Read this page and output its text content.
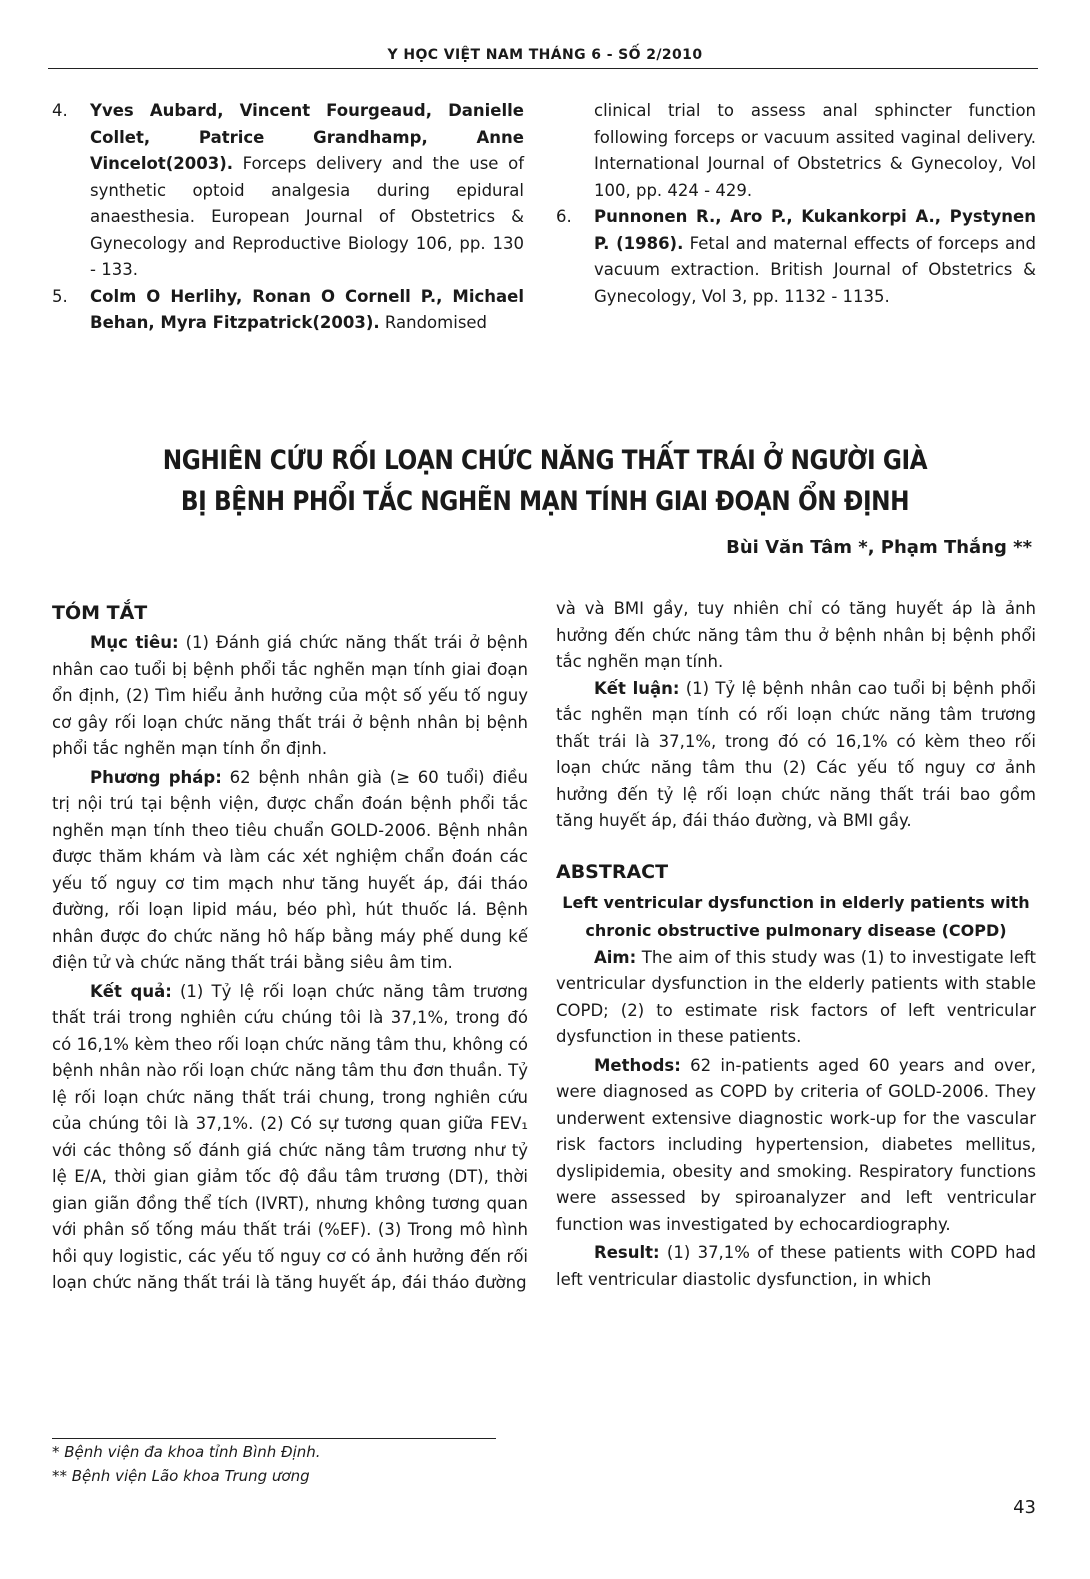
Y HỌC VIỆT NAM THÁNG 6 - SỐ 2/2010
4.	Yves Aubard, Vincent Fourgeaud, Danielle Collet, Patrice Grandhamp, Anne Vincelot(2003). Forceps delivery and the use of synthetic optoid analgesia during epidural anaesthesia. European Journal of Obstetrics & Gynecology and Reproductive Biology 106, pp. 130 - 133.
5.	Colm O Herlihy, Ronan O Cornell P., Michael Behan, Myra Fitzpatrick(2003). Randomised
clinical trial to assess anal sphincter function following forceps or vacuum assited vaginal delivery. International Journal of Obstetrics & Gynecoloy, Vol 100, pp. 424 - 429.
6.	Punnonen R., Aro P., Kukankorpi A., Pystynen P. (1986). Fetal and maternal effects of forceps and vacuum extraction. British Journal of Obstetrics & Gynecology, Vol 3, pp. 1132 - 1135.
NGHIÊN CỨU RỐI LOẠN CHỨC NĂNG THẤT TRÁI Ở NGƯỜI GIÀ
BỊ BỆNH PHỔI TẮC NGHẼN MẠN TÍNH GIAI ĐOẠN ỔN ĐỊNH
Bùi Văn Tâm *, Phạm Thắng **
TÓM TẮT

Mục tiêu: (1) Đánh giá chức năng thất trái ở bệnh nhân cao tuổi bị bệnh phổi tắc nghẽn mạn tính giai đoạn ổn định, (2) Tìm hiểu ảnh hưởng của một số yếu tố nguy cơ gây rối loạn chức năng thất trái ở bệnh nhân bị bệnh phổi tắc nghẽn mạn tính ổn định.

Phương pháp: 62 bệnh nhân già (≥ 60 tuổi) điều trị nội trú tại bệnh viện, được chẩn đoán bệnh phổi tắc nghẽn mạn tính theo tiêu chuẩn GOLD-2006. Bệnh nhân được thăm khám và làm các xét nghiệm chẩn đoán các yếu tố nguy cơ tim mạch như tăng huyết áp, đái tháo đường, rối loạn lipid máu, béo phì, hút thuốc lá. Bệnh nhân được đo chức năng hô hấp bằng máy phế dung kế điện tử và chức năng thất trái bằng siêu âm tim.

Kết quả: (1) Tỷ lệ rối loạn chức năng tâm trương thất trái trong nghiên cứu chúng tôi là 37,1%, trong đó có 16,1% kèm theo rối loạn chức năng tâm thu, không có bệnh nhân nào rối loạn chức năng tâm thu đơn thuần. Tỷ lệ rối loạn chức năng thất trái chung, trong nghiên cứu của chúng tôi là 37,1%. (2) Có sự tương quan giữa FEV₁ với các thông số đánh giá chức năng tâm trương như tỷ lệ E/A, thời gian giảm tốc độ đầu tâm trương (DT), thời gian giãn đồng thể tích (IVRT), nhưng không tương quan với phân số tống máu thất trái (%EF). (3) Trong mô hình hồi quy logistic, các yếu tố nguy cơ có ảnh hưởng đến rối loạn chức năng thất trái là tăng huyết áp, đái tháo đường

và và BMI gầy, tuy nhiên chỉ có tăng huyết áp là ảnh hưởng đến chức năng tâm thu ở bệnh nhân bị bệnh phổi tắc nghẽn mạn tính.

Kết luận: (1) Tỷ lệ bệnh nhân cao tuổi bị bệnh phổi tắc nghẽn mạn tính có rối loạn chức năng tâm trương thất trái là 37,1%, trong đó có 16,1% có kèm theo rối loạn chức năng tâm thu (2) Các yếu tố nguy cơ ảnh hưởng đến tỷ lệ rối loạn chức năng thất trái bao gồm tăng huyết áp, đái tháo đường, và BMI gầy.

ABSTRACT
Left ventricular dysfunction in elderly patients with chronic obstructive pulmonary disease (COPD)

Aim: The aim of this study was (1) to investigate left ventricular dysfunction in the elderly patients with stable COPD; (2) to estimate risk factors of left ventricular dysfunction in these patients.

Methods: 62 in-patients aged 60 years and over, were diagnosed as COPD by criteria of GOLD-2006. They underwent extensive diagnostic work-up for the vascular risk factors including hypertension, diabetes mellitus, dyslipidemia, obesity and smoking. Respiratory functions were assessed by spiroanalyzer and left ventricular function was investigated by echocardiography.

Result: (1) 37,1% of these patients with COPD had left ventricular diastolic dysfunction, in which

* Bệnh viện đa khoa tỉnh Bình Định.
** Bệnh viện Lão khoa Trung ương
43
